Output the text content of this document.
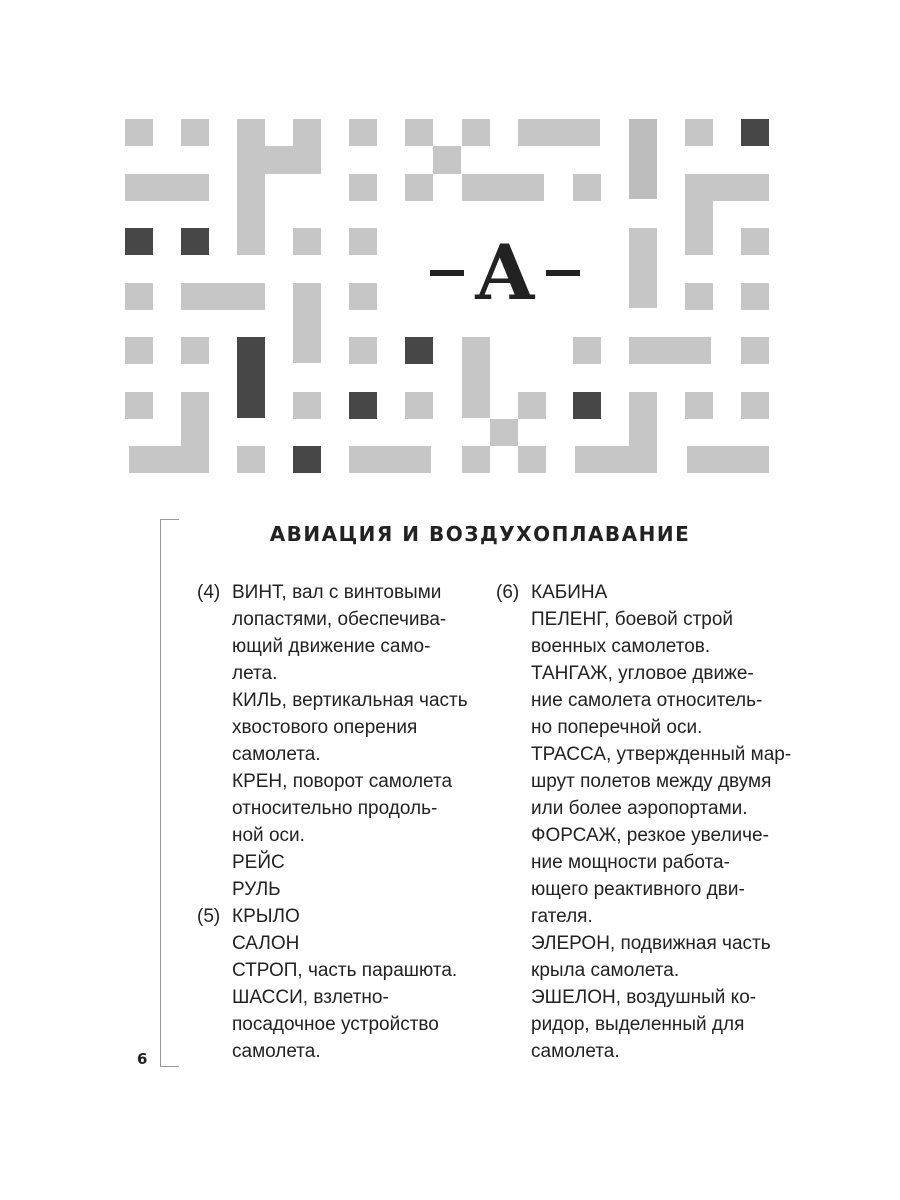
А
АВИАЦИЯ И ВОЗДУХОПЛАВАНИЕ
(4) ВИНТ, вал с винтовыми
лопастями, обеспечива-
ющий движение само-
лета.
КИЛЬ, вертикальная часть
хвостового оперения
самолета.
КРЕН, поворот самолета
относительно продоль-
ной оси.
РЕЙС
РУЛЬ
(5) КРЫЛО
САЛОН
СТРОП, часть парашюта.
ШАССИ, взлетно-
посадочное устройство
самолета.
(6) КАБИНА
ПЕЛЕНГ, боевой строй
военных самолетов.
ТАНГАЖ, угловое движе-
ние самолета относитель-
но поперечной оси.
ТРАССА, утвержденный мар-
шрут полетов между двумя
или более аэропортами.
ФОРСАЖ, резкое увеличе-
ние мощности работа-
ющего реактивного дви-
гателя.
ЭЛЕРОН, подвижная часть
крыла самолета.
ЭШЕЛОН, воздушный ко-
ридор, выделенный для
самолета.
6
